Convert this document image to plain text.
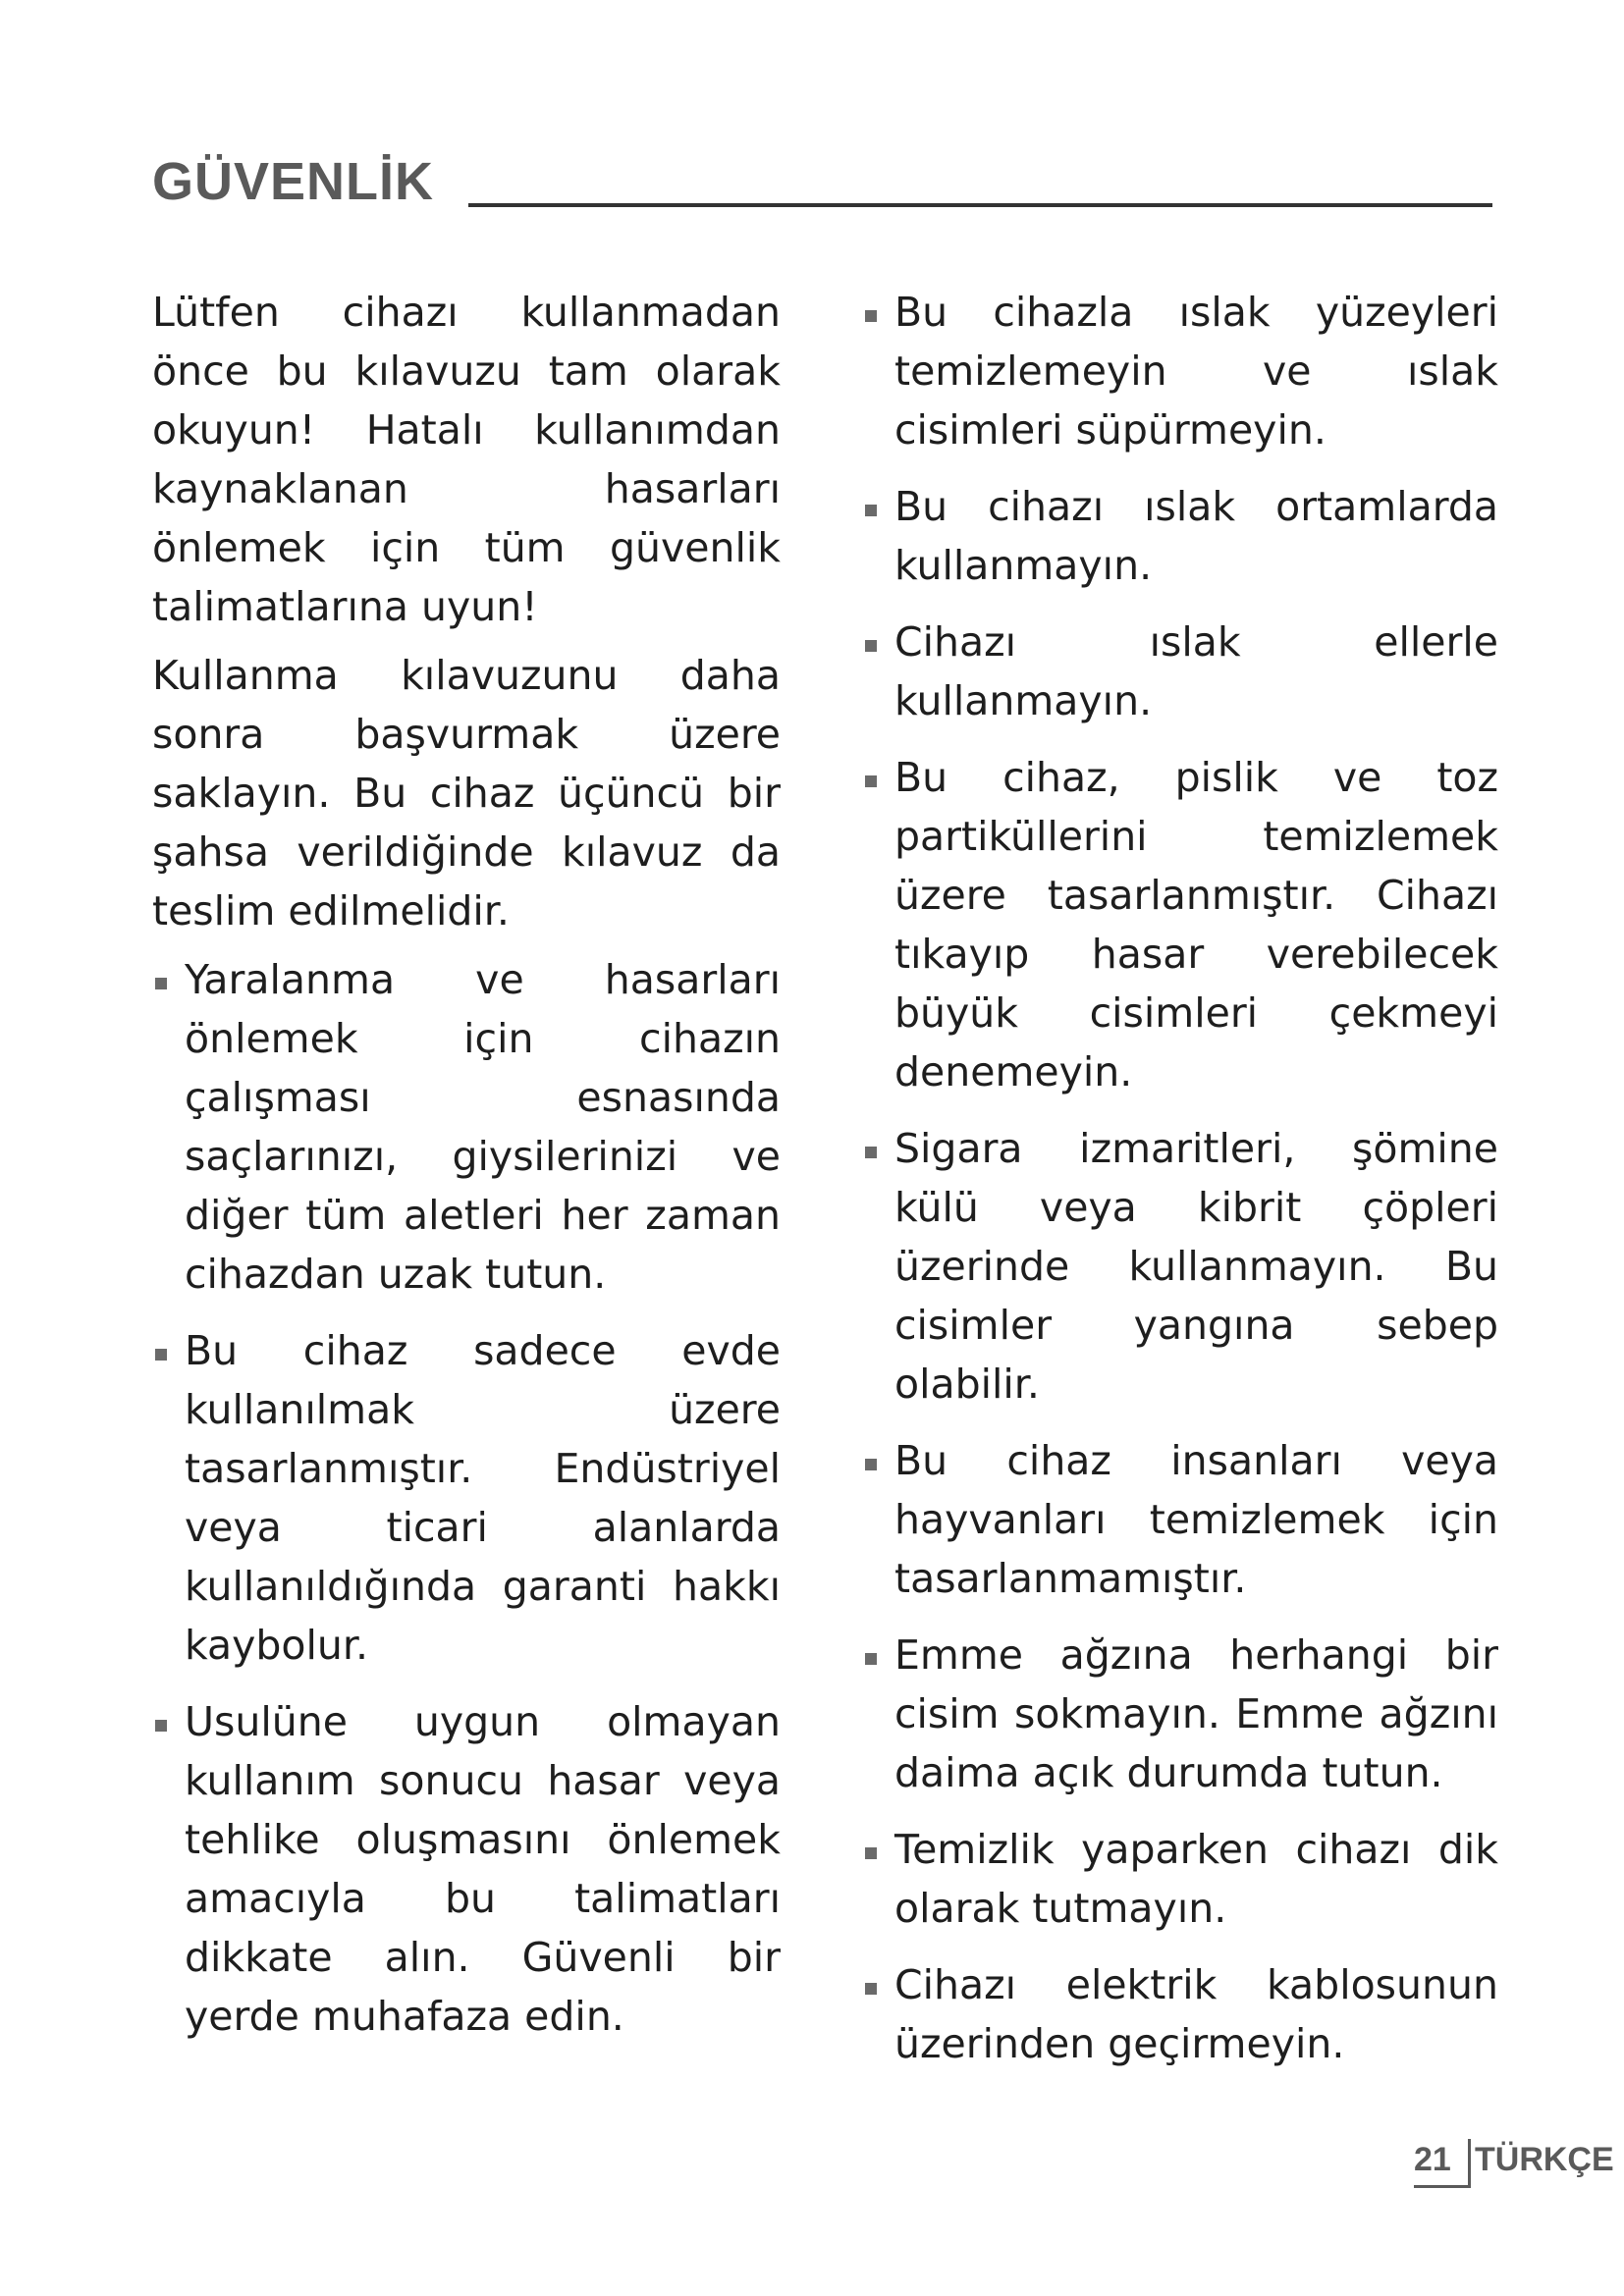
GÜVENLİK

Lütfen cihazı kullanmadan önce bu kılavuzu tam olarak okuyun! Hatalı kullanımdan kaynaklanan hasarları önlemek için tüm güvenlik talimatlarına uyun!

Kullanma kılavuzunu daha sonra başvurmak üzere saklayın. Bu cihaz üçüncü bir şahsa verildiğinde kılavuz da teslim edilmelidir.

Yaralanma ve hasarları önlemek için cihazın çalışması esnasında saçlarınızı, giysilerinizi ve diğer tüm aletleri her zaman cihazdan uzak tutun.
Bu cihaz sadece evde kullanılmak üzere tasarlanmıştır. Endüstriyel veya ticari alanlarda kullanıldığında garanti hakkı kaybolur.
Usulüne uygun olmayan kullanım sonucu hasar veya tehlike oluşmasını önlemek amacıyla bu talimatları dikkate alın. Güvenli bir yerde muhafaza edin.
Bu cihazla ıslak yüzeyleri temizlemeyin ve ıslak cisimleri süpürmeyin.
Bu cihazı ıslak ortamlarda kullanmayın.
Cihazı ıslak ellerle kullanmayın.
Bu cihaz, pislik ve toz partiküllerini temizlemek üzere tasarlanmıştır. Cihazı tıkayıp hasar verebilecek büyük cisimleri çekmeyi denemeyin.
Sigara izmaritleri, şömine külü veya kibrit çöpleri üzerinde kullanmayın. Bu cisimler yangına sebep olabilir.
Bu cihaz insanları veya hayvanları temizlemek için tasarlanmamıştır.
Emme ağzına herhangi bir cisim sokmayın. Emme ağzını daima açık durumda tutun.
Temizlik yaparken cihazı dik olarak tutmayın.
Cihazı elektrik kablosunun üzerinden geçirmeyin.
21 TÜRKÇE
